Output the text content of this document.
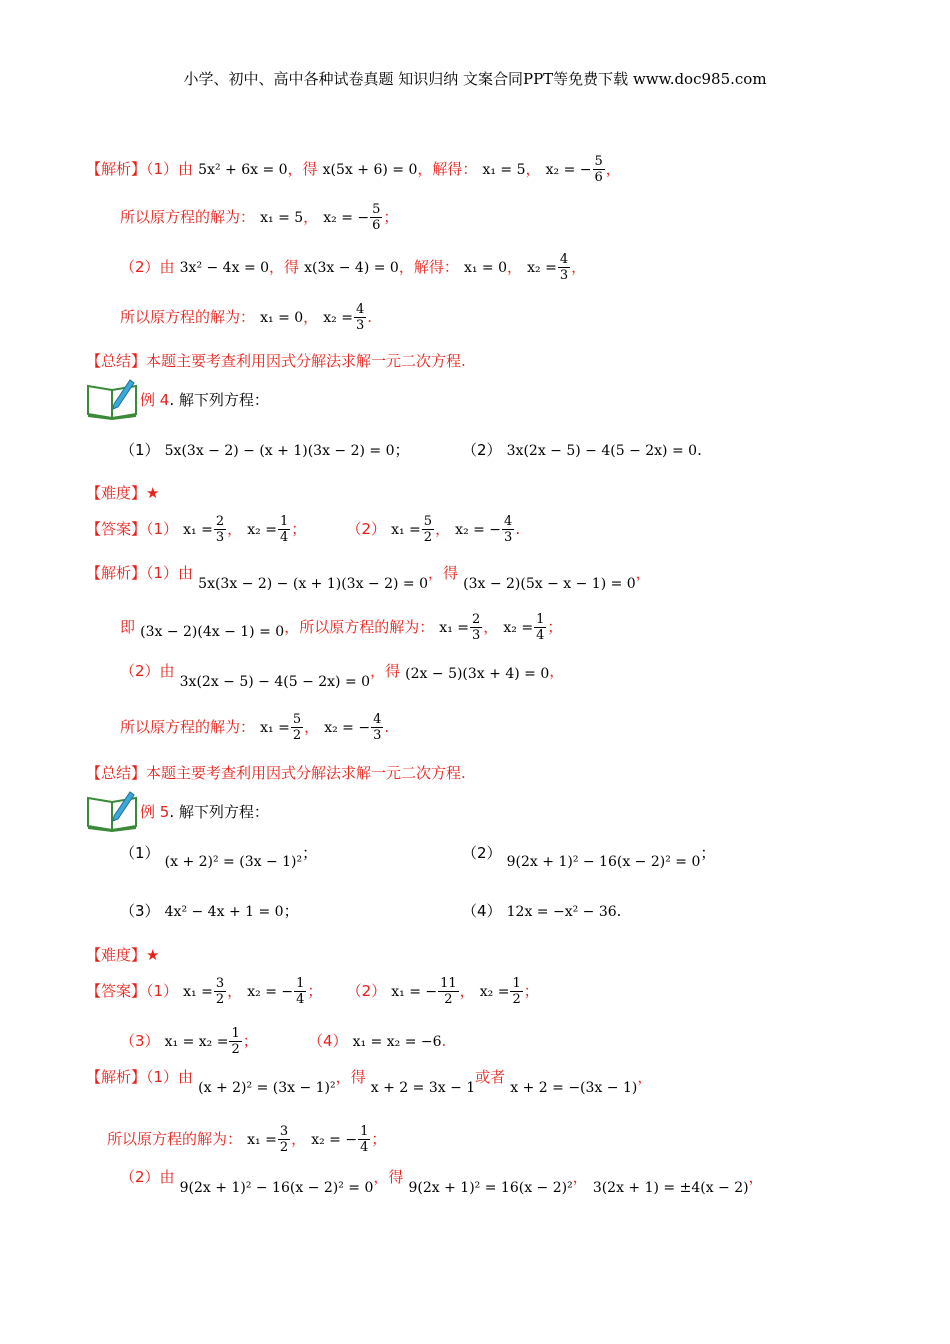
小学、初中、高中各种试卷真题 知识归纳 文案合同PPT等免费下载 www.doc985.com
【解析】（1）由 5x² + 6x = 0，得 x(5x + 6) = 0，解得： x₁ = 5， x₂ = − $\frac{5}{6}$ ，
所以原方程的解为： x₁ = 5， x₂ = − $\frac{5}{6}$ ；
（2）由 3x² − 4x = 0，得 x(3x − 4) = 0，解得： x₁ = 0， $x_2 = \frac{4}{3}$ ，
所以原方程的解为： x₁ = 0， $x_2 = \frac{4}{3}$ .
【总结】本题主要考查利用因式分解法求解一元二次方程.
例 4. 解下列方程：
（1） 5x(3x − 2) − (x + 1)(3x − 2) = 0；	（2） 3x(2x − 5) − 4(5 − 2x) = 0.
【难度】★
【答案】（1） $x_1 = \frac{2}{3}$ ， $x_2 = \frac{1}{4}$ ；	（2） $x_1 = \frac{5}{2}$ ， x₂ = − $\frac{4}{3}$ .
【解析】（1）由 5x(3x − 2) − (x + 1)(3x − 2) = 0，得 (3x − 2)(5x − x − 1) = 0，
即 (3x − 2)(4x − 1) = 0，所以原方程的解为： $x_1 = \frac{2}{3}$ ， $x_2 = \frac{1}{4}$ ；
（2）由 3x(2x − 5) − 4(5 − 2x) = 0，得 (2x − 5)(3x + 4) = 0，
所以原方程的解为： $x_1 = \frac{5}{2}$ ， x₂ = − $\frac{4}{3}$ .
【总结】本题主要考查利用因式分解法求解一元二次方程.
例 5. 解下列方程：
（1） (x + 2)² = (3x − 1)²；	（2） 9(2x + 1)² − 16(x − 2)² = 0；
（3） 4x² − 4x + 1 = 0；	（4） 12x = −x² − 36.
【难度】★
【答案】（1） $x_1 = \frac{3}{2}$ ， x₂ = − $\frac{1}{4}$ ； （2） x₁ = − $\frac{11}{2}$ ， $x_2 = \frac{1}{2}$ ；
（3） $x_1 = x_2 = \frac{1}{2}$ ；	（4） x₁ = x₂ = −6.
【解析】（1）由 (x + 2)² = (3x − 1)²，得 x + 2 = 3x − 1或者 x + 2 = −(3x − 1)，
所以原方程的解为： $x_1 = \frac{3}{2}$ ， x₂ = − $\frac{1}{4}$ ；
（2）由 9(2x + 1)² − 16(x − 2)² = 0，得 9(2x + 1)² = 16(x − 2)²， 3(2x + 1) = ±4(x − 2)，
